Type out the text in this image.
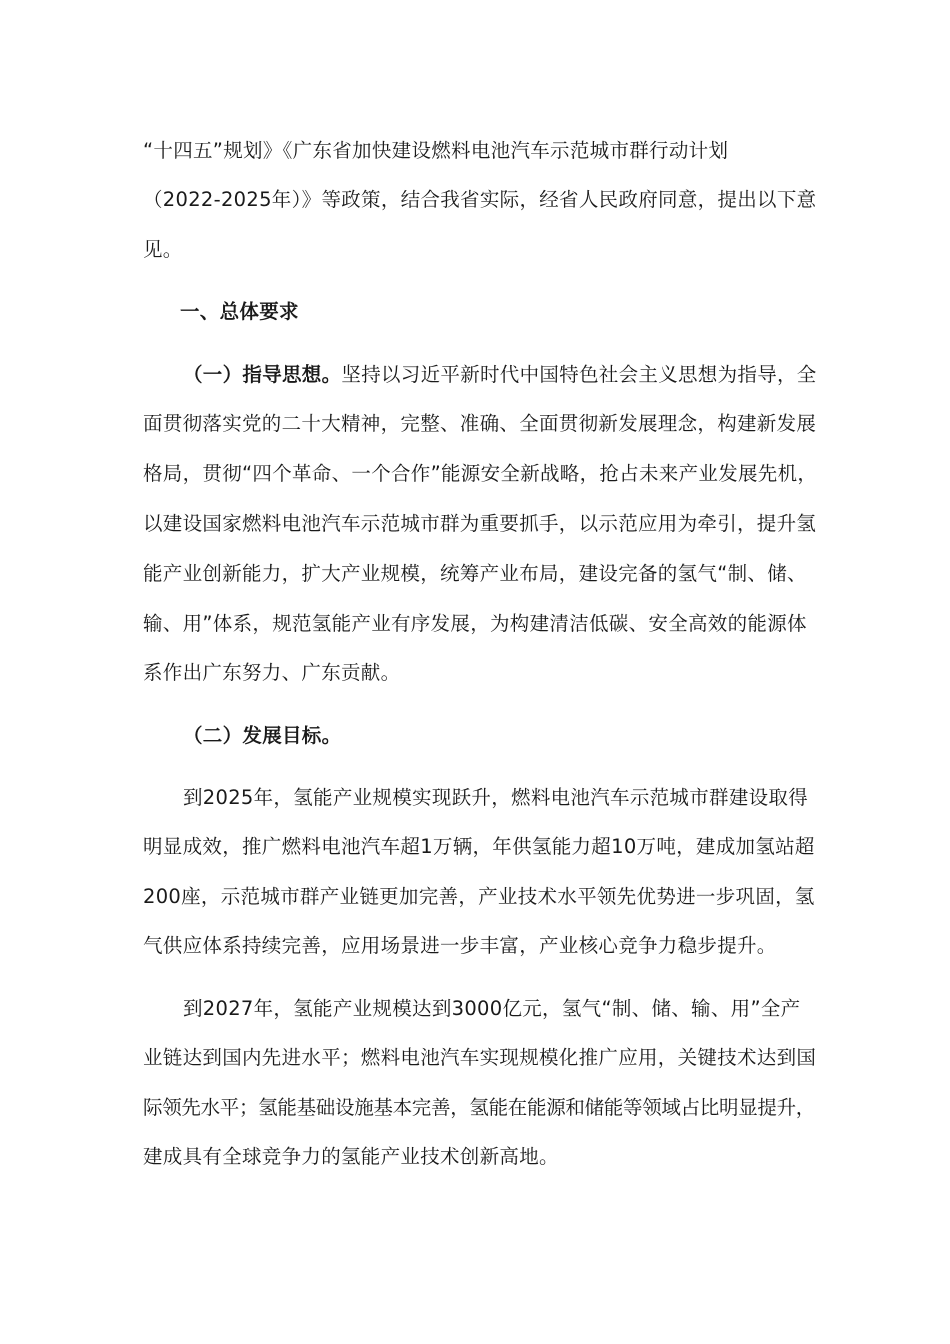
“十四五”规划》《广东省加快建设燃料电池汽车示范城市群行动计划
（2022-2025年）》等政策，结合我省实际，经省人民政府同意，提出以下意
见。
一、总体要求
（一）指导思想。坚持以习近平新时代中国特色社会主义思想为指导，全
面贯彻落实党的二十大精神，完整、准确、全面贯彻新发展理念，构建新发展
格局，贯彻“四个革命、一个合作”能源安全新战略，抢占未来产业发展先机，
以建设国家燃料电池汽车示范城市群为重要抓手，以示范应用为牵引，提升氢
能产业创新能力，扩大产业规模，统筹产业布局，建设完备的氢气“制、储、
输、用”体系，规范氢能产业有序发展，为构建清洁低碳、安全高效的能源体
系作出广东努力、广东贡献。
（二）发展目标。
到2025年，氢能产业规模实现跃升，燃料电池汽车示范城市群建设取得
明显成效，推广燃料电池汽车超1万辆，年供氢能力超10万吨，建成加氢站超
200座，示范城市群产业链更加完善，产业技术水平领先优势进一步巩固，氢
气供应体系持续完善，应用场景进一步丰富，产业核心竞争力稳步提升。
到2027年，氢能产业规模达到3000亿元，氢气“制、储、输、用”全产
业链达到国内先进水平；燃料电池汽车实现规模化推广应用，关键技术达到国
际领先水平；氢能基础设施基本完善，氢能在能源和储能等领域占比明显提升，
建成具有全球竞争力的氢能产业技术创新高地。
